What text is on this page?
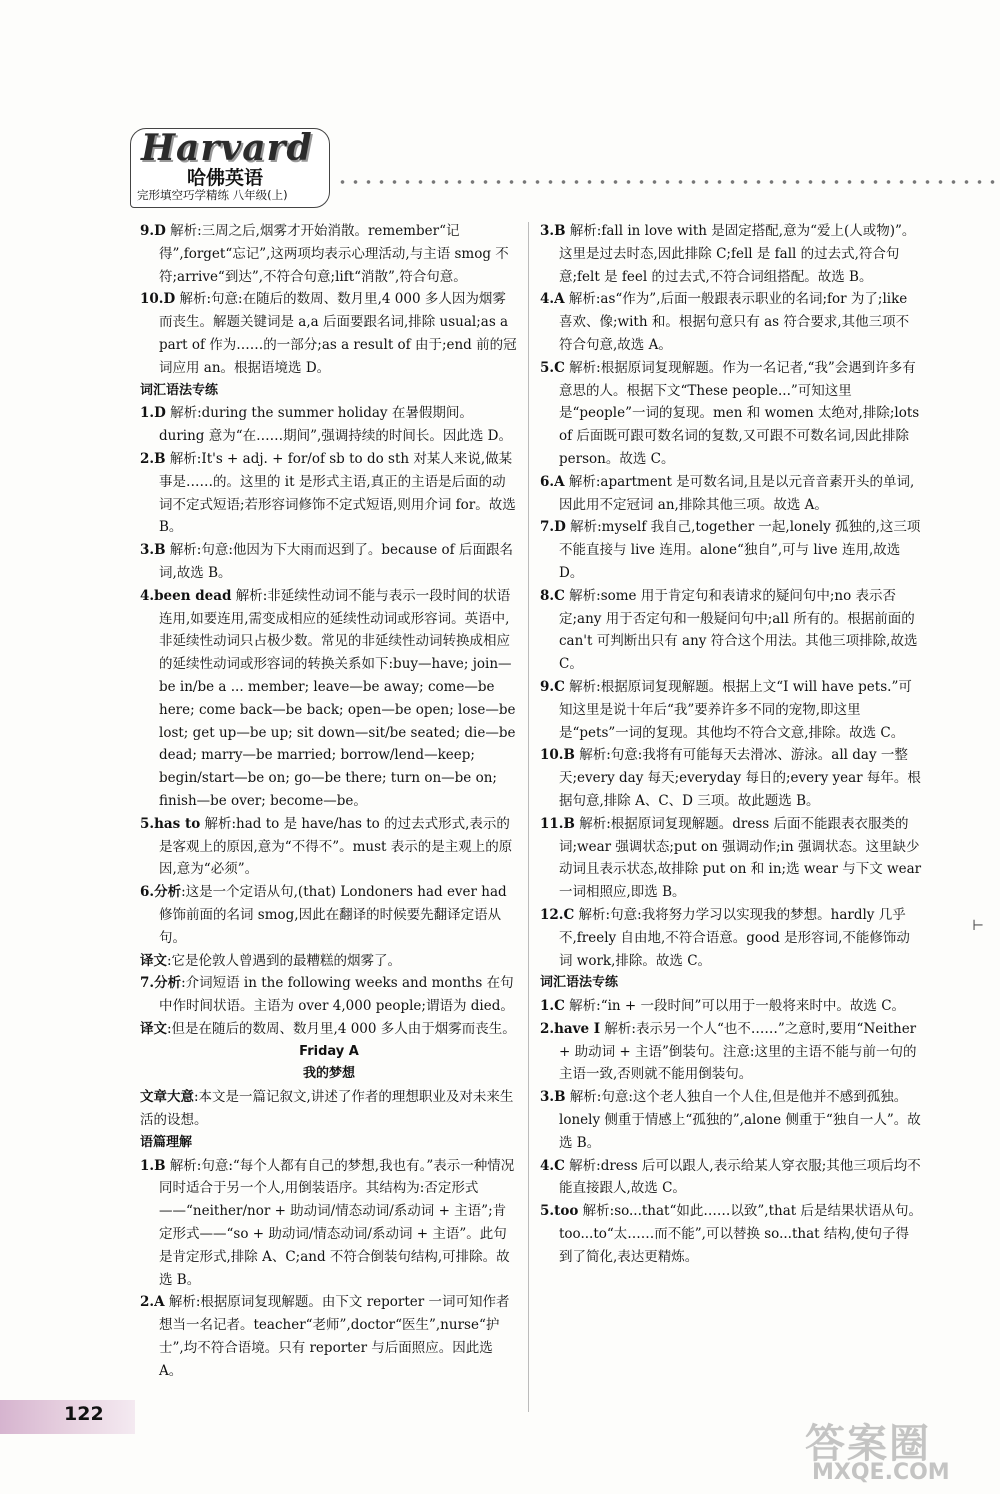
Harvard
哈佛英语
完形填空巧学精练 八年级(上)

9.D 解析:三周之后,烟雾才开始消散。remember“记得”,forget“忘记”,这两项均表示心理活动,与主语 smog 不符;arrive“到达”,不符合句意;lift“消散”,符合句意。

10.D 解析:句意:在随后的数周、数月里,4 000 多人因为烟雾而丧生。解题关键词是 a,a 后面要跟名词,排除 usual;as a part of 作为……的一部分;as a result of 由于;end 前的冠词应用 an。根据语境选 D。

词汇语法专练

1.D 解析:during the summer holiday 在暑假期间。during 意为“在……期间”,强调持续的时间长。因此选 D。

2.B 解析:It's + adj. + for/of sb to do sth 对某人来说,做某事是……的。这里的 it 是形式主语,真正的主语是后面的动词不定式短语;若形容词修饰不定式短语,则用介词 for。故选 B。

3.B 解析:句意:他因为下大雨而迟到了。because of 后面跟名词,故选 B。

4.been dead 解析:非延续性动词不能与表示一段时间的状语连用,如要连用,需变成相应的延续性动词或形容词。英语中,非延续性动词只占极少数。常见的非延续性动词转换成相应的延续性动词或形容词的转换关系如下:buy—have; join—be in/be a ... member; leave—be away; come—be here; come back—be back; open—be open; lose—be lost; get up—be up; sit down—sit/be seated; die—be dead; marry—be married; borrow/lend—keep; begin/start—be on; go—be there; turn on—be on; finish—be over; become—be。

5.has to 解析:had to 是 have/has to 的过去式形式,表示的是客观上的原因,意为“不得不”。must 表示的是主观上的原因,意为“必须”。

6.分析:这是一个定语从句,(that) Londoners had ever had 修饰前面的名词 smog,因此在翻译的时候要先翻译定语从句。

译文:它是伦敦人曾遇到的最糟糕的烟雾了。

7.分析:介词短语 in the following weeks and months 在句中作时间状语。主语为 over 4,000 people;谓语为 died。

译文:但是在随后的数周、数月里,4 000 多人由于烟雾而丧生。

Friday A

我的梦想

文章大意:本文是一篇记叙文,讲述了作者的理想职业及对未来生活的设想。

语篇理解

1.B 解析:句意:“每个人都有自己的梦想,我也有。”表示一种情况同时适合于另一个人,用倒装语序。其结构为:否定形式——“neither/nor + 助动词/情态动词/系动词 + 主语”;肯定形式——“so + 助动词/情态动词/系动词 + 主语”。此句是肯定形式,排除 A、C;and 不符合倒装句结构,可排除。故选 B。

2.A 解析:根据原词复现解题。由下文 reporter 一词可知作者想当一名记者。teacher“老师”,doctor“医生”,nurse“护士”,均不符合语境。只有 reporter 与后面照应。因此选 A。

3.B 解析:fall in love with 是固定搭配,意为“爱上(人或物)”。这里是过去时态,因此排除 C;fell 是 fall 的过去式,符合句意;felt 是 feel 的过去式,不符合词组搭配。故选 B。

4.A 解析:as“作为”,后面一般跟表示职业的名词;for 为了;like 喜欢、像;with 和。根据句意只有 as 符合要求,其他三项不符合句意,故选 A。

5.C 解析:根据原词复现解题。作为一名记者,“我”会遇到许多有意思的人。根据下文“These people...”可知这里是“people”一词的复现。men 和 women 太绝对,排除;lots of 后面既可跟可数名词的复数,又可跟不可数名词,因此排除 person。故选 C。

6.A 解析:apartment 是可数名词,且是以元音音素开头的单词,因此用不定冠词 an,排除其他三项。故选 A。

7.D 解析:myself 我自己,together 一起,lonely 孤独的,这三项不能直接与 live 连用。alone“独自”,可与 live 连用,故选 D。

8.C 解析:some 用于肯定句和表请求的疑问句中;no 表示否定;any 用于否定句和一般疑问句中;all 所有的。根据前面的 can't 可判断出只有 any 符合这个用法。其他三项排除,故选 C。

9.C 解析:根据原词复现解题。根据上文“I will have pets.”可知这里是说十年后“我”要养许多不同的宠物,即这里是“pets”一词的复现。其他均不符合文意,排除。故选 C。

10.B 解析:句意:我将有可能每天去滑冰、游泳。all day 一整天;every day 每天;everyday 每日的;every year 每年。根据句意,排除 A、C、D 三项。故此题选 B。

11.B 解析:根据原词复现解题。dress 后面不能跟表衣服类的词;wear 强调状态;put on 强调动作;in 强调状态。这里缺少动词且表示状态,故排除 put on 和 in;选 wear 与下文 wear 一词相照应,即选 B。

12.C 解析:句意:我将努力学习以实现我的梦想。hardly 几乎不,freely 自由地,不符合语意。good 是形容词,不能修饰动词 work,排除。故选 C。

词汇语法专练

1.C 解析:“in + 一段时间”可以用于一般将来时中。故选 C。

2.have I 解析:表示另一个人“也不……”之意时,要用“Neither + 助动词 + 主语”倒装句。注意:这里的主语不能与前一句的主语一致,否则就不能用倒装句。

3.B 解析:句意:这个老人独自一个人住,但是他并不感到孤独。lonely 侧重于情感上“孤独的”,alone 侧重于“独自一人”。故选 B。

4.C 解析:dress 后可以跟人,表示给某人穿衣服;其他三项后均不能直接跟人,故选 C。

5.too 解析:so...that“如此……以致”,that 后是结果状语从句。too...to“太……而不能”,可以替换 so...that 结构,使句子得到了简化,表达更精炼。

⊢
122
答案圈
MXQE.COM
